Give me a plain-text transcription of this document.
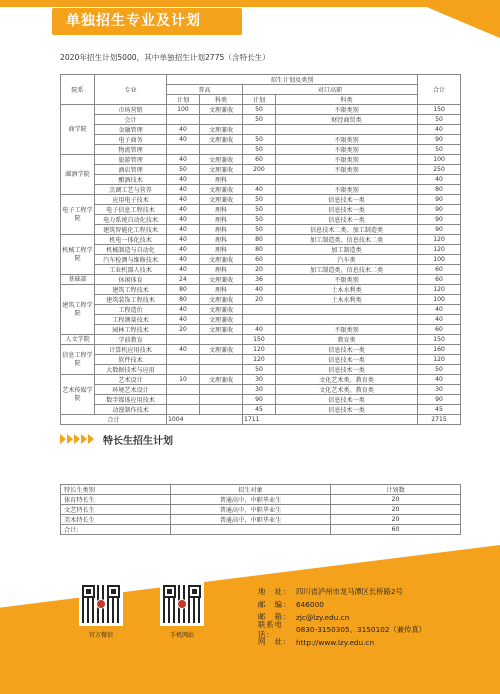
单独招生专业及计划
2020年招生计划5000，其中单独招生计划2775（含特长生）
院系	专业	招生计划及类别				合计
		普高		对口高职		
		计划	科类	计划	科类	
商学院	市场营销	100	文理兼收	50	不限类别	150
	会计			50	财经商贸类	50
	金融管理	40	文理兼收			40
	电子商务	40	文理兼收	50	不限类别	90
	物流管理			50	不限类别	50
邮酒学院	旅游管理	40	文理兼收	60	不限类别	100
	酒店管理	50	文理兼收	200	不限类别	250
	酿酒技术	40	理科			40
	烹调工艺与营养	40	文理兼收	40	不限类别	80
电子工程学院	应用电子技术	40	文理兼收	50	信息技术一类	90
	电子信息工程技术	40	理科	50	信息技术一类	90
	电力系统自动化技术	40	理科	50	信息技术一类	90
	建筑智能化工程技术	40	理科	50	信息技术二类、加工制造类	90
机械工程学院	机电一体化技术	40	理科	80	加工制造类、信息技术二类	120
	机械制造与自动化	40	理科	80	加工制造类	120
	汽车检测与维修技术	40	文理兼收	60	汽车类	100
	工业机器人技术	40	理科	20	加工制造类、信息技术二类	60
基础部	休闲体育	24	文理兼收	36	不限类别	60
建筑工程学院	建筑工程技术	80	理科	40	土木水利类	120
	建筑装饰工程技术	80	文理兼收	20	土木水利类	100
	工程造价	40	文理兼收			40
	工程测量技术	40	文理兼收			40
	园林工程技术	20	文理兼收	40	不限类别	60
人文学院	学前教育			150	教育类	150
信息工程学院	计算机应用技术	40	文理兼收	120	信息技术一类	160
	软件技术			120	信息技术一类	120
	大数据技术与应用			50	信息技术一类	50
艺术传媒学院	艺术设计	10	文理兼收	30	文化艺术类、教育类	40
	环境艺术设计			30	文化艺术类、教育类	30
	数字媒体应用技术			90	信息技术一类	90
	动漫制作技术			45	信息技术一类	45
合计		1004		1711		2715
特长生招生计划
特长生类别	招生对象	计划数
体育特长生	普通高中、中职毕业生	20
文艺特长生	普通高中、中职毕业生	20
美术特长生	普通高中、中职毕业生	20
合计:		60
官方微信	手机网站
地　址： 四川省泸州市龙马潭区长桥路2号
邮　编： 646000
邮　箱： zjc@lzy.edu.cn
联系电话：
0830-3150305、3150102（兼传真）
网　址： http://www.lzy.edu.cn
